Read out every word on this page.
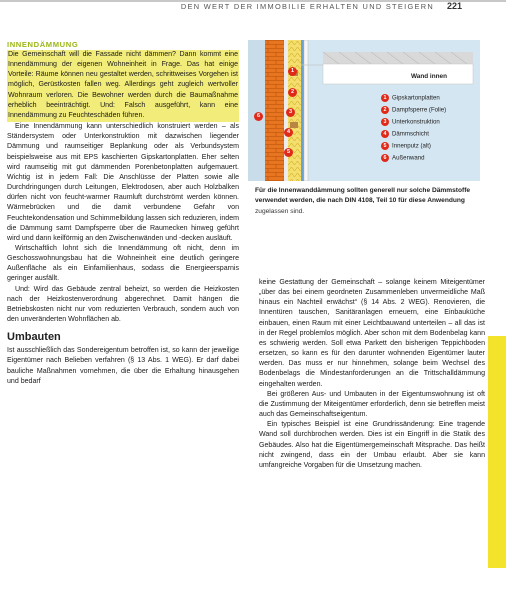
DEN WERT DER IMMOBILIE ERHALTEN UND STEIGERN 221
INNENDÄMMUNG

Die Gemeinschaft will die Fassade nicht dämmen? Dann kommt eine Innendämmung der eigenen Wohneinheit in Frage. Das hat einige Vorteile: Räume können neu gestaltet werden, schrittweises Vorgehen ist möglich, Gerüstkosten fallen weg. Allerdings geht zugleich wertvoller Wohnraum verloren. Die Bewohner werden durch die Baumaßnahme erheblich beeinträchtigt. Und: Falsch ausgeführt, kann eine Innendämmung zu Feuchteschäden führen.

Eine Innendämmung kann unterschiedlich konstruiert werden – als Ständersystem oder Unterkonstruktion mit dazwischen liegender Dämmung und raumseitiger Beplankung oder als Verbundsystem beispielsweise aus mit EPS kaschierten Gipskartonplatten. Eher selten wird raumseitig mit gut dämmenden Porenbetonplatten aufgemauert. Wichtig ist in jedem Fall: Die Anschlüsse der Platten sowie alle Durchdringungen durch Leitungen, Elektrodosen, aber auch Holzbalken dürfen nicht von feucht-warmer Raumluft durchströmt werden können. Wärmebrücken und die damit verbundene Gefahr von Feuchtekondensation und Schimmelbildung lassen sich reduzieren, indem die Dämmung samt Dampfsperre über die Raumecken hinweg geführt wird und dann keilförmig an den Zwischenwänden und -decken ausläuft.

Wirtschaftlich lohnt sich die Innendämmung oft nicht, denn im Geschosswohnungsbau hat die Wohneinheit eine deutlich geringere Außenfläche als ein Einfamilienhaus, sodass die Energieersparnis geringer ausfällt.

Und: Wird das Gebäude zentral beheizt, so werden die Heizkosten nach der Heizkostenverordnung abgerechnet. Damit hängen die Betriebskosten nicht nur vom reduzierten Verbrauch, sondern auch von den unveränderten Wohnflächen ab.

Umbauten

Ist ausschließlich das Sondereigentum betroffen ist, so kann der jeweilige Eigentümer nach Belieben verfahren (§ 13 Abs. 1 WEG). Er darf dabei bauliche Maßnahmen vornehmen, die über die Erhaltung hinausgehen und bedarf

Wand innen
1
2
3
4
5
6
1 Gipskartonplatten
2 Dampfsperre (Folie)
3 Unterkonstruktion
4 Dämmschicht
5 Innenputz (alt)
6 Außenwand
Für die Innenwanddämmung sollten generell nur solche Dämmstoffe verwendet werden, die nach DIN 4108, Teil 10 für diese Anwendung zugelassen sind.

keine Gestattung der Gemeinschaft – solange keinem Miteigentümer „über das bei einem geordneten Zusammenleben unvermeidliche Maß hinaus ein Nachteil erwächst“ (§ 14 Abs. 2 WEG). Renovieren, die Innentüren tauschen, Sanitäranlagen erneuern, eine Einbauküche einbauen, einen Raum mit einer Leichtbauwand unterteilen – all das ist in der Regel problemlos möglich. Aber schon mit dem Bodenbelag kann es schwierig werden. Soll etwa Parkett den bisherigen Teppichboden ersetzen, so kann es für den darunter wohnenden Eigentümer lauter werden. Das muss er nur hinnehmen, solange beim Wechsel des Bodenbelags die Mindestanforderungen an die Trittschalldämmung eingehalten werden.

Bei größeren Aus- und Umbauten in der Eigentumswohnung ist oft die Zustimmung der Miteigentümer erforderlich, denn sie betreffen meist auch das Gemeinschaftseigentum.

Ein typisches Beispiel ist eine Grundrissänderung: Eine tragende Wand soll durchbrochen werden. Dies ist ein Eingriff in die Statik des Gebäudes. Also hat die Eigentümergemeinschaft Mitsprache. Das heißt nicht zwingend, dass ein der Umbau erlaubt. Aber sie kann umfangreiche Vorgaben für die Umsetzung machen.
